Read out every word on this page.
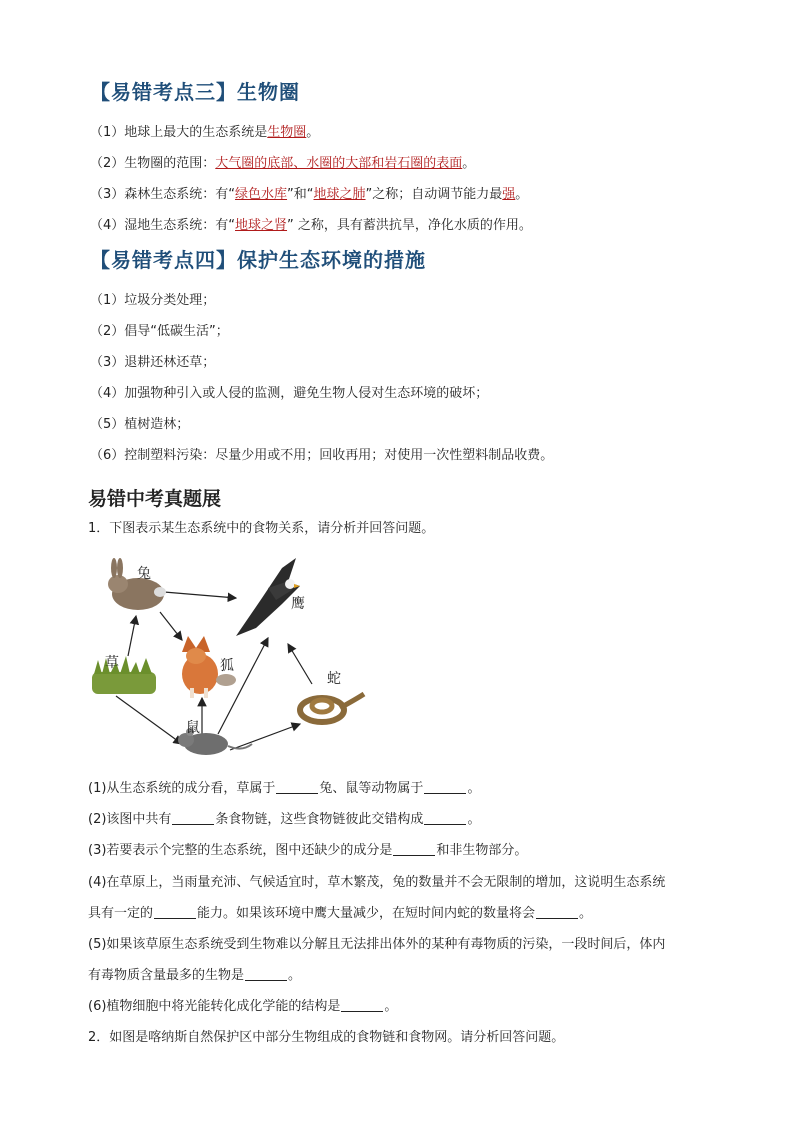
【易错考点三】生物圈
（1）地球上最大的生态系统是生物圈。
（2）生物圈的范围：大气圈的底部、水圈的大部和岩石圈的表面。
（3）森林生态系统：有“绿色水库”和“地球之肺”之称；自动调节能力最强。
（4）湿地生态系统：有“地球之肾” 之称，具有蓄洪抗旱，净化水质的作用。
【易错考点四】保护生态环境的措施
（1）垃圾分类处理；
（2）倡导“低碳生活”；
（3）退耕还林还草；
（4）加强物种引入或人侵的监测，避免生物人侵对生态环境的破坏；
（5）植树造林；
（6）控制塑料污染：尽量少用或不用；回收再用；对使用一次性塑料制品收费。
易错中考真题展
1．下图表示某生态系统中的食物关系，请分析并回答问题。
兔
鹰
草	狐
蛇
鼠
(1)从生态系统的成分看，草属于	兔、鼠等动物属于	。
(2)该图中共有	条食物链，这些食物链彼此交错构成	。
(3)若要表示个完整的生态系统，图中还缺少的成分是	和非生物部分。
(4)在草原上，当雨量充沛、气候适宜时，草木繁茂，兔的数量并不会无限制的增加，这说明生态系统
具有一定的	能力。如果该环境中鹰大量减少，在短时间内蛇的数量将会	。
(5)如果该草原生态系统受到生物难以分解且无法排出体外的某种有毒物质的污染，一段时间后，体内
有毒物质含量最多的生物是	。
(6)植物细胞中将光能转化成化学能的结构是	。
2．如图是喀纳斯自然保护区中部分生物组成的食物链和食物网。请分析回答问题。
